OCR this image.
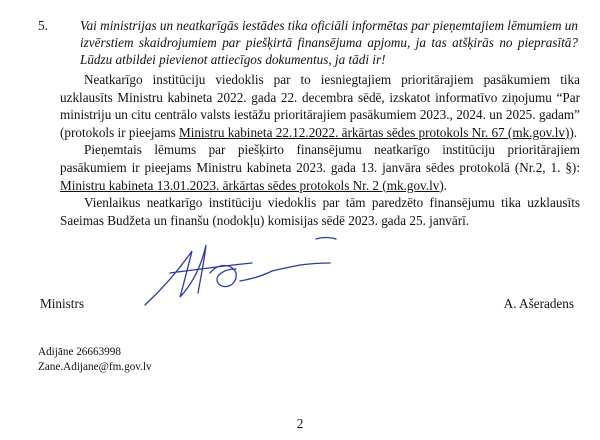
5. Vai ministrijas un neatkarīgās iestādes tika oficiāli informētas par pieņemtajiem lēmumiem un izvērstiem skaidrojumiem par piešķirtā finansējuma apjomu, ja tas atšķirās no pieprasītā? Lūdzu atbildei pievienot attiecīgos dokumentus, ja tādi ir!

Neatkarīgo institūciju viedoklis par to iesniegtajiem prioritārajiem pasākumiem tika uzklausīts Ministru kabineta 2022. gada 22. decembra sēdē, izskatot informatīvo ziņojumu “Par ministriju un citu centrālo valsts iestāžu prioritārajiem pasākumiem 2023., 2024. un 2025. gadam” (protokols ir pieejams Ministru kabineta 22.12.2022. ārkārtas sēdes protokols Nr. 67 (mk.gov.lv)).

Pieņemtais lēmums par piešķirto finansējumu neatkarīgo institūciju prioritārajiem pasākumiem ir pieejams Ministru kabineta 2023. gada 13. janvāra sēdes protokolā (Nr.2, 1. §): Ministru kabineta 13.01.2023. ārkārtas sēdes protokols Nr. 2 (mk.gov.lv).

Vienlaikus neatkarīgo institūciju viedoklis par tām paredzēto finansējumu tika uzklausīts Saeimas Budžeta un finanšu (nodokļu) komisijas sēdē 2023. gada 25. janvārī.

Ministrs	A. Ašeradens
Adijāne 26663998
Zane.Adijane@fm.gov.lv
2
